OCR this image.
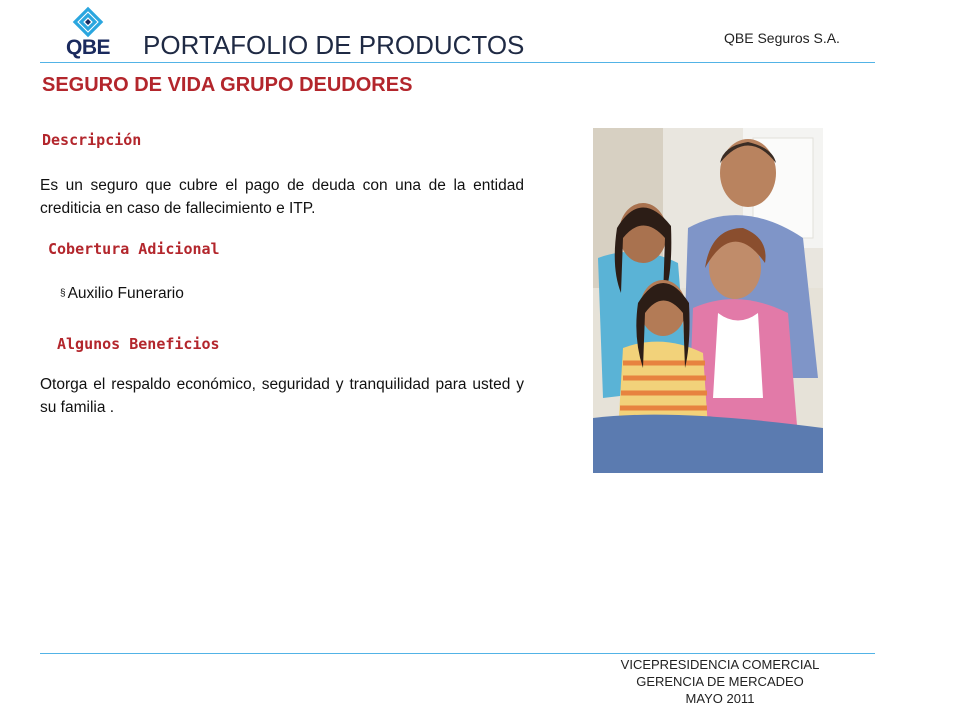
QBE PORTAFOLIO DE PRODUCTOS	QBE Seguros S.A.
SEGURO DE VIDA GRUPO DEUDORES
Descripción
Es un seguro que cubre el pago de deuda con una de la entidad crediticia en caso de fallecimiento e ITP.
Cobertura Adicional
§ Auxilio Funerario
Algunos Beneficios
Otorga el respaldo económico, seguridad y tranquilidad para usted y su familia .
VICEPRESIDENCIA COMERCIAL
GERENCIA DE MERCADEO
MAYO 2011
